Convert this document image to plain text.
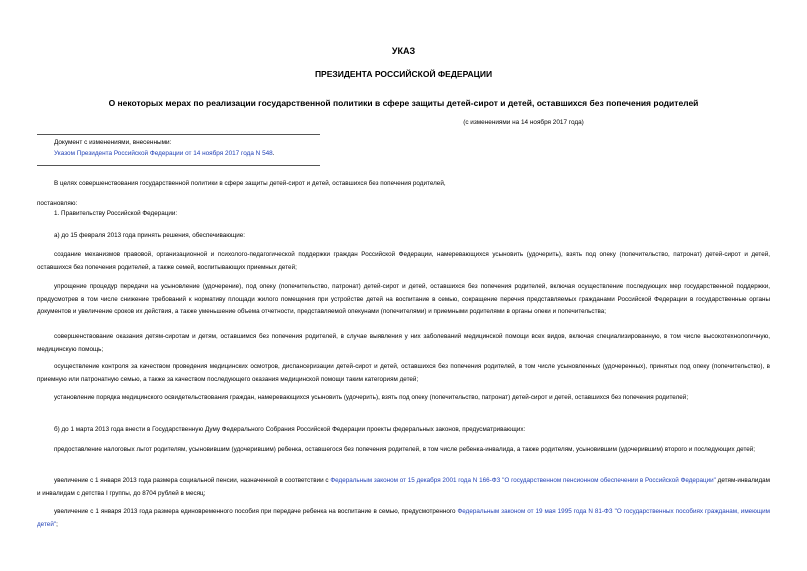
УКАЗ
ПРЕЗИДЕНТА РОССИЙСКОЙ ФЕДЕРАЦИИ
О некоторых мерах по реализации государственной политики в сфере защиты детей-сирот и детей, оставшихся без попечения родителей
(с изменениями на 14 ноября 2017 года)
Документ с изменениями, внесенными:
Указом Президента Российской Федерации от 14 ноября 2017 года N 548.
В целях совершенствования государственной политики в сфере защиты детей-сирот и детей, оставшихся без попечения родителей,
постановляю:
1. Правительству Российской Федерации:
а) до 15 февраля 2013 года принять решения, обеспечивающие:
создание механизмов правовой, организационной и психолого-педагогической поддержки граждан Российской Федерации, намеревающихся усыновить (удочерить), взять под опеку (попечительство, патронат) детей-сирот и детей, оставшихся без попечения родителей, а также семей, воспитывающих приемных детей;
упрощение процедур передачи на усыновление (удочерение), под опеку (попечительство, патронат) детей-сирот и детей, оставшихся без попечения родителей, включая осуществление последующих мер государственной поддержки, предусмотрев в том числе снижение требований к нормативу площади жилого помещения при устройстве детей на воспитание в семью, сокращение перечня представляемых гражданами Российской Федерации в государственные органы документов и увеличение сроков их действия, а также уменьшение объема отчетности, представляемой опекунами (попечителями) и приемными родителями в органы опеки и попечительства;
совершенствование оказания детям-сиротам и детям, оставшимся без попечения родителей, в случае выявления у них заболеваний медицинской помощи всех видов, включая специализированную, в том числе высокотехнологичную, медицинскую помощь;
осуществление контроля за качеством проведения медицинских осмотров, диспансеризации детей-сирот и детей, оставшихся без попечения родителей, в том числе усыновленных (удочеренных), принятых под опеку (попечительство), в приемную или патронатную семью, а также за качеством последующего оказания медицинской помощи таким категориям детей;
установление порядка медицинского освидетельствования граждан, намеревающихся усыновить (удочерить), взять под опеку (попечительство, патронат) детей-сирот и детей, оставшихся без попечения родителей;
б) до 1 марта 2013 года внести в Государственную Думу Федерального Собрания Российской Федерации проекты федеральных законов, предусматривающих:
предоставление налоговых льгот родителям, усыновившим (удочерившим) ребенка, оставшегося без попечения родителей, в том числе ребенка-инвалида, а также родителям, усыновившим (удочерившим) второго и последующих детей;
увеличение с 1 января 2013 года размера социальной пенсии, назначенной в соответствии с Федеральным законом от 15 декабря 2001 года N 166-ФЗ "О государственном пенсионном обеспечении в Российской Федерации" детям-инвалидам и инвалидам с детства I группы, до 8704 рублей в месяц;
увеличение с 1 января 2013 года размера единовременного пособия при передаче ребенка на воспитание в семью, предусмотренного Федеральным законом от 19 мая 1995 года N 81-ФЗ "О государственных пособиях гражданам, имеющим детей";
